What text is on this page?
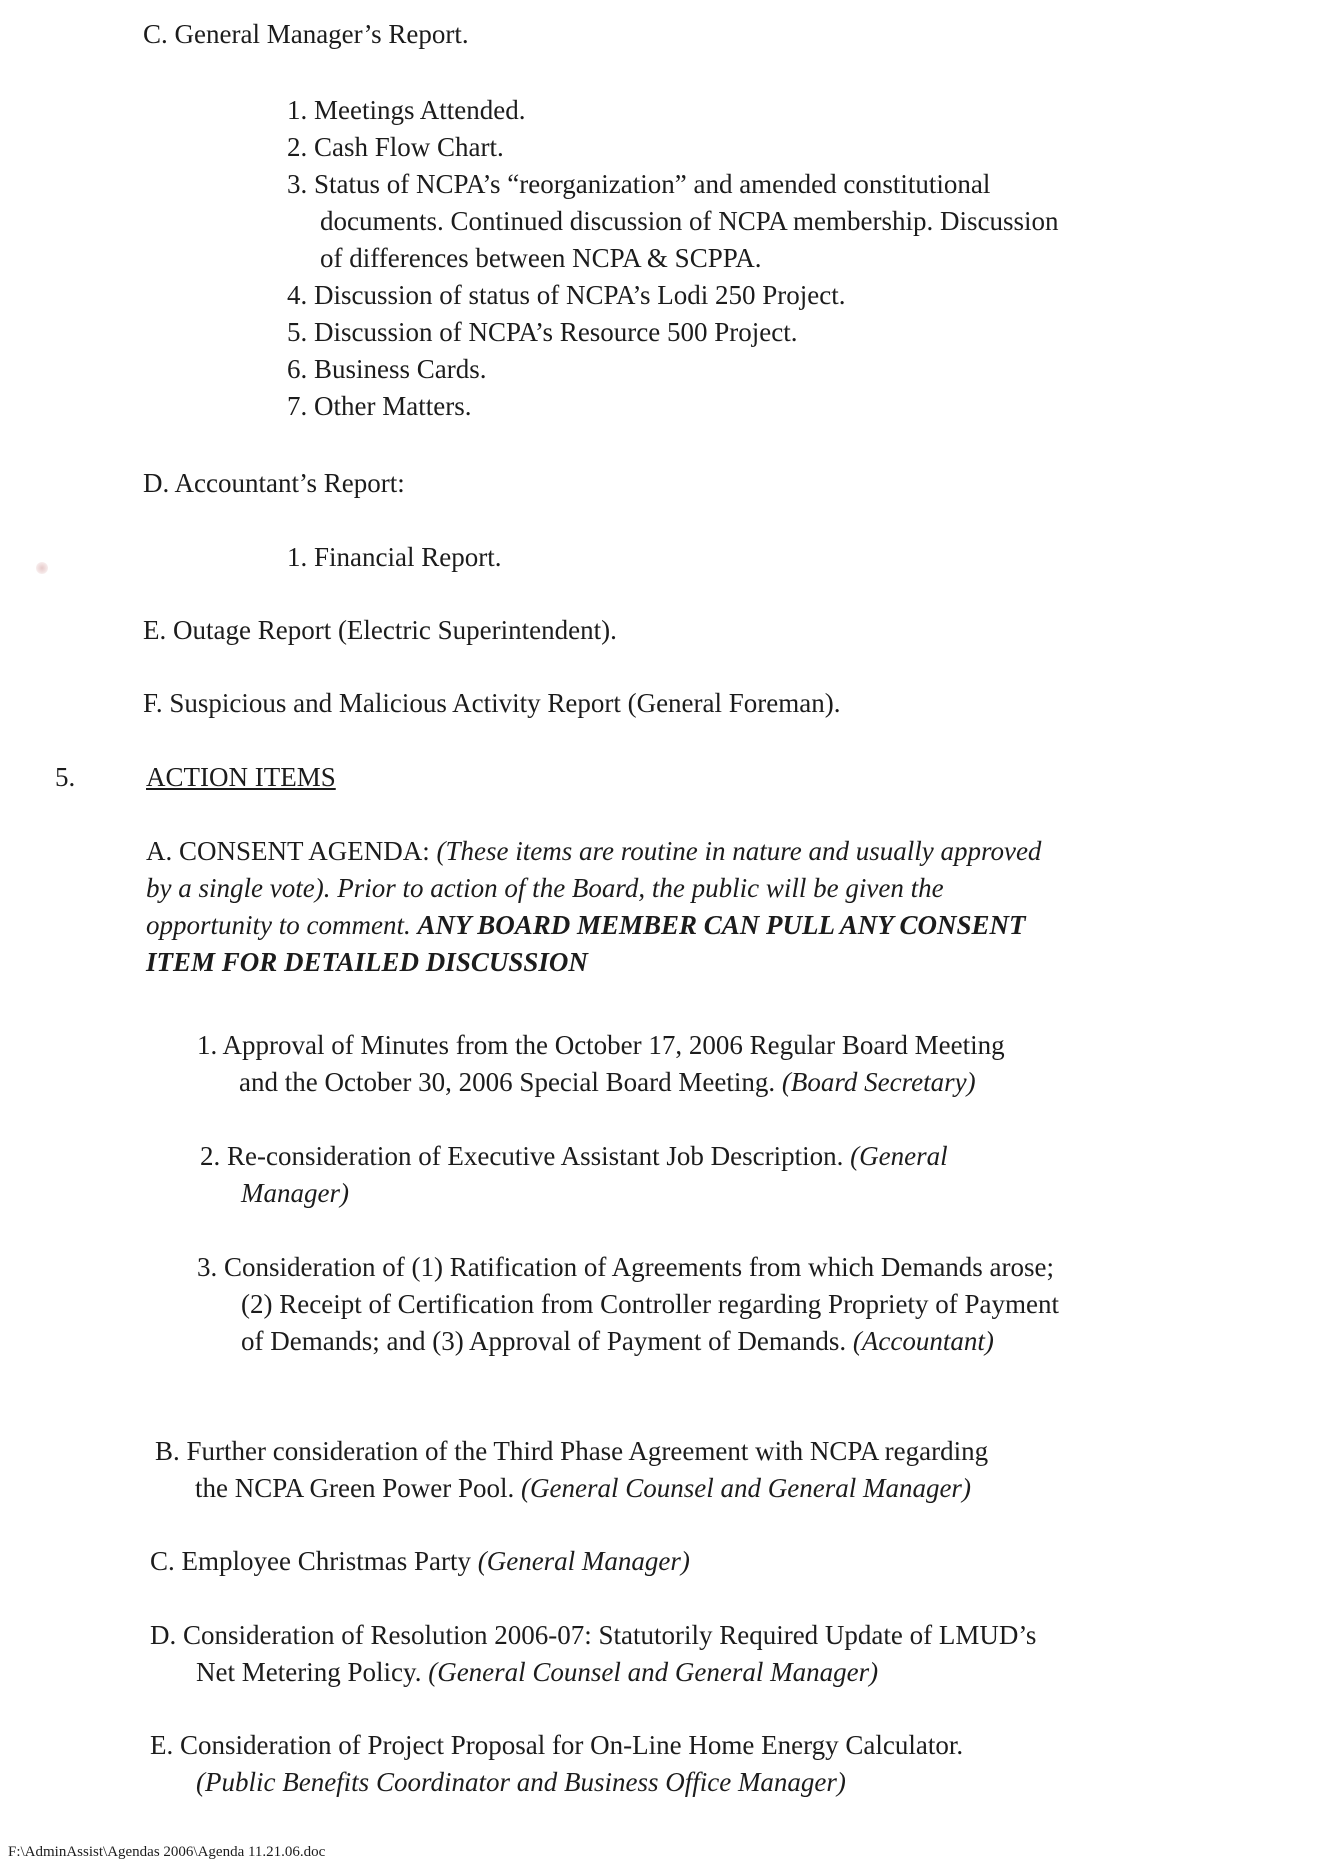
C. General Manager’s Report.
1. Meetings Attended.
2. Cash Flow Chart.
3. Status of NCPA’s “reorganization” and amended constitutional
documents. Continued discussion of NCPA membership. Discussion
of differences between NCPA & SCPPA.
4. Discussion of status of NCPA’s Lodi 250 Project.
5. Discussion of NCPA’s Resource 500 Project.
6. Business Cards.
7. Other Matters.
D. Accountant’s Report:
1. Financial Report.
E. Outage Report (Electric Superintendent).
F. Suspicious and Malicious Activity Report (General Foreman).
5.	ACTION ITEMS
A. CONSENT AGENDA: (These items are routine in nature and usually approved
by a single vote). Prior to action of the Board, the public will be given the
opportunity to comment. ANY BOARD MEMBER CAN PULL ANY CONSENT
ITEM FOR DETAILED DISCUSSION
1. Approval of Minutes from the October 17, 2006 Regular Board Meeting
and the October 30, 2006 Special Board Meeting. (Board Secretary)
2. Re-consideration of Executive Assistant Job Description. (General
Manager)
3. Consideration of (1) Ratification of Agreements from which Demands arose;
(2) Receipt of Certification from Controller regarding Propriety of Payment
of Demands; and (3) Approval of Payment of Demands. (Accountant)
B. Further consideration of the Third Phase Agreement with NCPA regarding
the NCPA Green Power Pool. (General Counsel and General Manager)
C. Employee Christmas Party (General Manager)
D. Consideration of Resolution 2006-07: Statutorily Required Update of LMUD’s
Net Metering Policy. (General Counsel and General Manager)
E. Consideration of Project Proposal for On-Line Home Energy Calculator.
(Public Benefits Coordinator and Business Office Manager)
F:\AdminAssist\Agendas 2006\Agenda 11.21.06.doc
